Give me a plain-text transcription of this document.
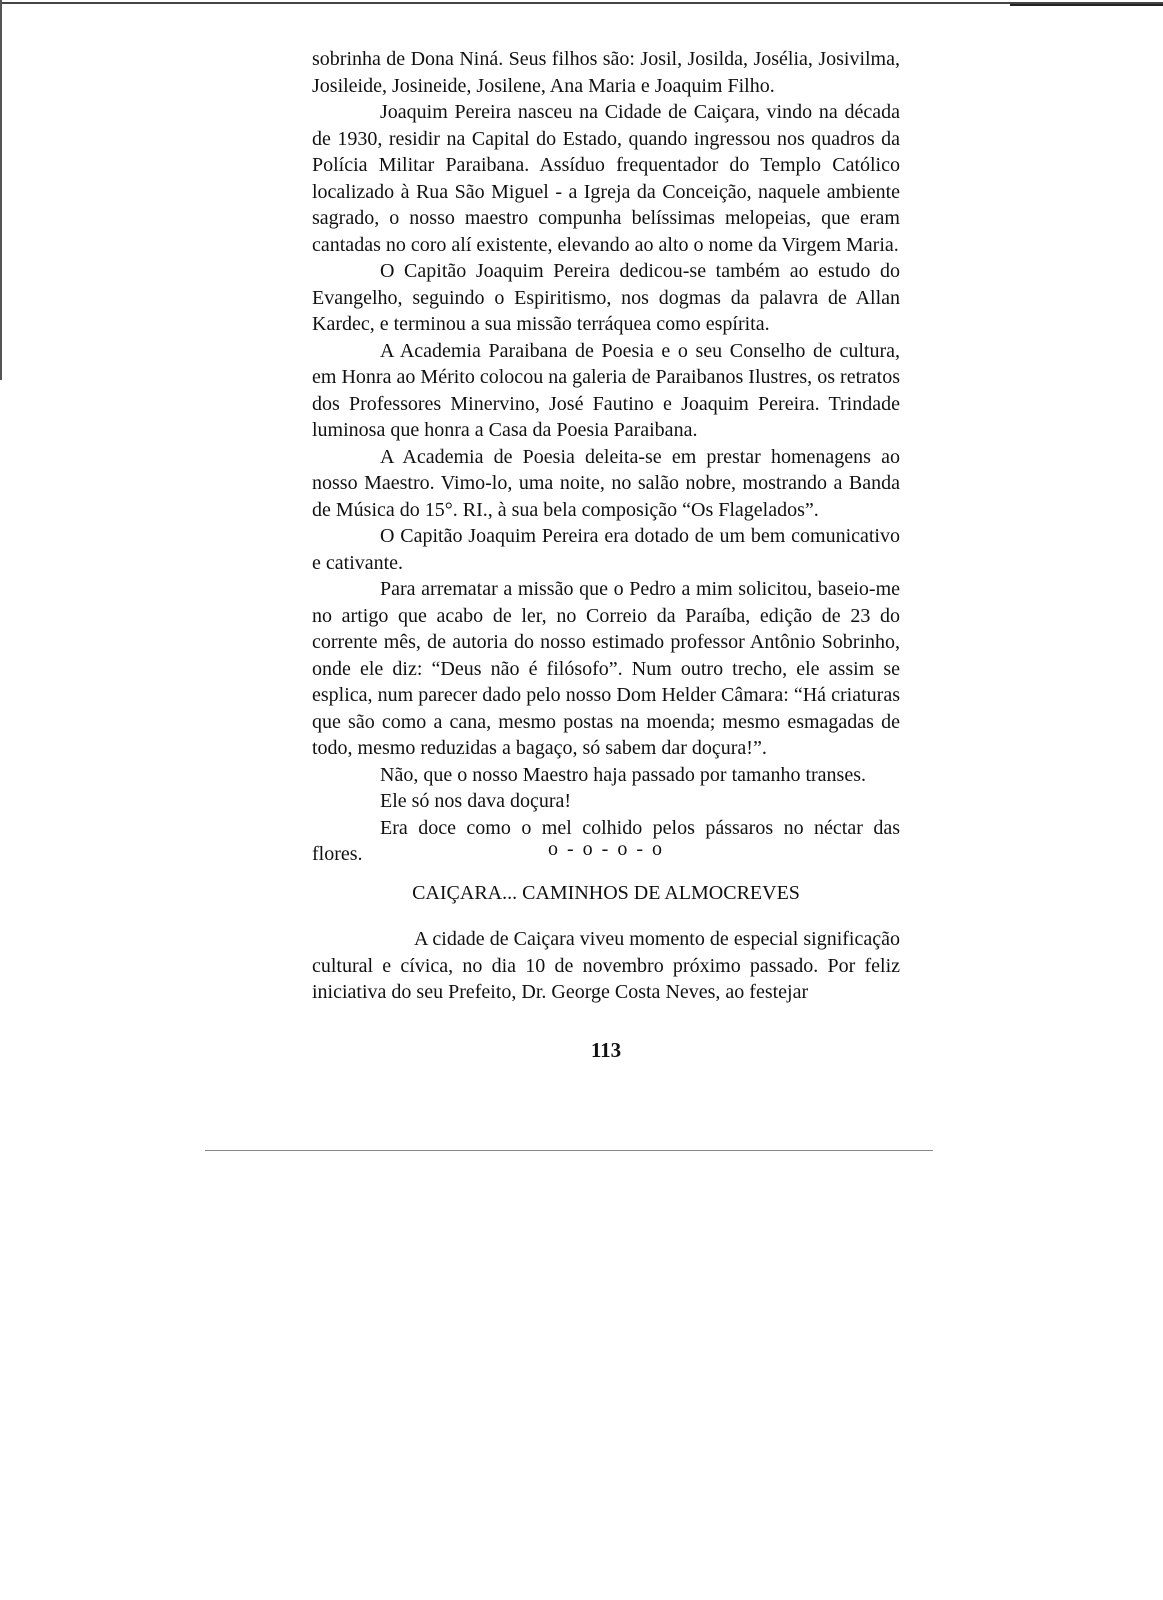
sobrinha de Dona Niná. Seus filhos são: Josil, Josilda, Josélia, Josivilma, Josileide, Josineide, Josilene, Ana Maria e Joaquim Filho.

Joaquim Pereira nasceu na Cidade de Caiçara, vindo na década de 1930, residir na Capital do Estado, quando ingressou nos quadros da Polícia Militar Paraibana. Assíduo frequentador do Templo Católico localizado à Rua São Miguel - a Igreja da Conceição, naquele ambiente sagrado, o nosso maestro compunha belíssimas melopeias, que eram cantadas no coro alí existente, elevando ao alto o nome da Virgem Maria.

O Capitão Joaquim Pereira dedicou-se também ao estudo do Evangelho, seguindo o Espiritismo, nos dogmas da palavra de Allan Kardec, e terminou a sua missão terráquea como espírita.

A Academia Paraibana de Poesia e o seu Conselho de cultura, em Honra ao Mérito colocou na galeria de Paraibanos Ilustres, os retratos dos Professores Minervino, José Fautino e Joaquim Pereira. Trindade luminosa que honra a Casa da Poesia Paraibana.

A Academia de Poesia deleita-se em prestar homenagens ao nosso Maestro. Vimo-lo, uma noite, no salão nobre, mostrando a Banda de Música do 15°. RI., à sua bela composição “Os Flagelados”.

O Capitão Joaquim Pereira era dotado de um bem comunicativo e cativante.

Para arrematar a missão que o Pedro a mim solicitou, baseio-me no artigo que acabo de ler, no Correio da Paraíba, edição de 23 do corrente mês, de autoria do nosso estimado professor Antônio Sobrinho, onde ele diz: “Deus não é filósofo”. Num outro trecho, ele assim se esplica, num parecer dado pelo nosso Dom Helder Câmara: “Há criaturas que são como a cana, mesmo postas na moenda; mesmo esmagadas de todo, mesmo reduzidas a bagaço, só sabem dar doçura!”.

Não, que o nosso Maestro haja passado por tamanho transes.

Ele só nos dava doçura!

Era doce como o mel colhido pelos pássaros no néctar das flores.	o - o - o - o
CAIÇARA... CAMINHOS DE ALMOCREVES

A cidade de Caiçara viveu momento de especial significação cultural e cívica, no dia 10 de novembro próximo passado. Por feliz iniciativa do seu Prefeito, Dr. George Costa Neves, ao festejar

113
